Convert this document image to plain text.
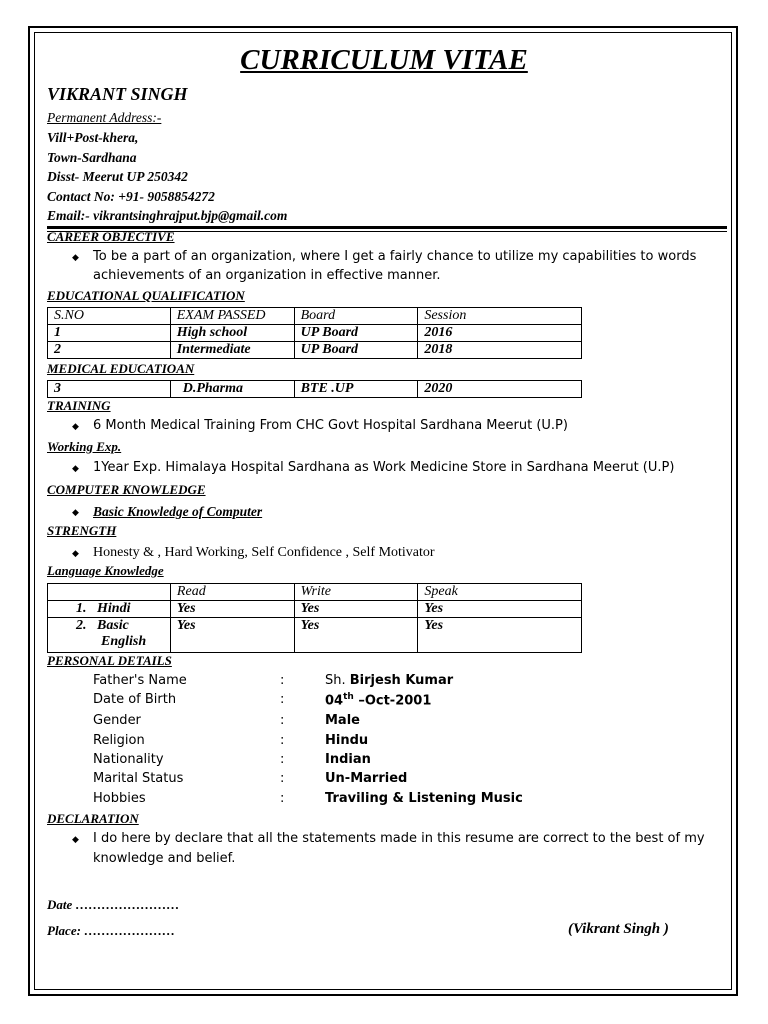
CURRICULUM VITAE
VIKRANT SINGH
Permanent Address:-
Vill+Post-khera,
Town-Sardhana
Disst- Meerut UP 250342
Contact No: +91- 9058854272
Email:- vikrantsinghrajput.bjp@gmail.com
CAREER OBJECTIVE
◆ To be a part of an organization, where I get a fairly chance to utilize my capabilities to words
achievements of an organization in effective manner.
EDUCATIONAL QUALIFICATION
S.NO	EXAM PASSED	Board	Session
1	High school	UP Board	2016
2	Intermediate	UP Board	2018
MEDICAL EDUCATIOAN
3	D.Pharma	BTE .UP	2020
TRAINING
◆ 6 Month Medical Training From CHC Govt Hospital Sardhana Meerut (U.P)
Working Exp.
◆ 1Year Exp. Himalaya Hospital Sardhana as Work Medicine Store in Sardhana Meerut (U.P)
COMPUTER KNOWLEDGE
◆ Basic Knowledge of Computer
STRENGTH
◆ Honesty & , Hard Working, Self Confidence , Self Motivator
Language Knowledge
	Read	Write	Speak
1. Hindi	Yes	Yes	Yes
2. Basic
English	Yes	Yes	Yes
PERSONAL DETAILS
Father's Name	:	Sh. Birjesh Kumar
Date of Birth	:	04th –Oct-2001
Gender	:	Male
Religion	:	Hindu
Nationality	:	Indian
Marital Status	:	Un-Married
Hobbies	:	Traviling & Listening Music
DECLARATION
◆ I do here by declare that all the statements made in this resume are correct to the best of my
knowledge and belief.
Date ……………………
Place: …………………	(Vikrant Singh )
